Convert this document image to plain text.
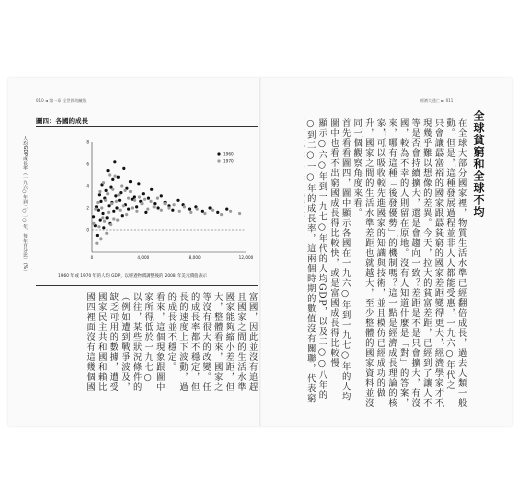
010 ◄ 第一章 全世界的鹹魚	經濟大逃亡 ► 011
圖四：各國的成長
人均GDP成長率（一九六○年到二○一○年，每年百分比）（%）	0	4,000	8,000	12,000
0
2
4
6
8
1960
1970
1960 年或 1970 年的人均 GDP，以經過物價調整後的 2008 年美元價值表示
富國，因此並沒有追趕
且國家之間的生活水準
國家能夠縮小差距，但
大，整體看來，國家之
等沒有很大的改變。任
的成長率都不穩定，但
長的速度上下波動，過
的成長並不穩定。
看來，這個現象跟圖中
家所得低於一九七○
以往，某些狀況條件的
（例如遭到戰爭波及，
缺乏可用的數據，遭受
國家民主共和國和賴比
國四裡面沒有這幾個國
全球貧窮和全球不均
在全球大部分國家裡，物質生活水準已經翻倍成長，過去人類一般
動。但是，這種發展過程並非人人都能受惠，一九六○年代之
只會讓最富裕的國家跟最貧窮的國家差距變得更大，經濟學家才不
現幾乎難以想像的差異。今天，拉大的貧富差距，已經到了讓人不
等是否會持續擴大，還是會趨向一致？差距是不是只會擴大，有沒
國，較為不幸的人則留在原地。沒有人知道什麼是「對」的答案，
來，哪有這種「後發優勢」的機制嗎？這一點是經濟成長理論的核
家，可以吸收較先進國家的知識與技術，並且模仿已經成功的做
升，國家之間的生活水準差距也就越大，至少整體的國家資料並沒
同一個觀察角度來看。
首先看看圖四，圖中顯示各國在一九六○年到一九七○年的人均
圖中也看不出窮國成長得比較快，或是富國成長得比較慢
顯示○六○年到一九七○年代的人均GDP，以及二○○八年的
○到二○一○年的成長率，這兩個時期的數值沒有關聯，代表窮
